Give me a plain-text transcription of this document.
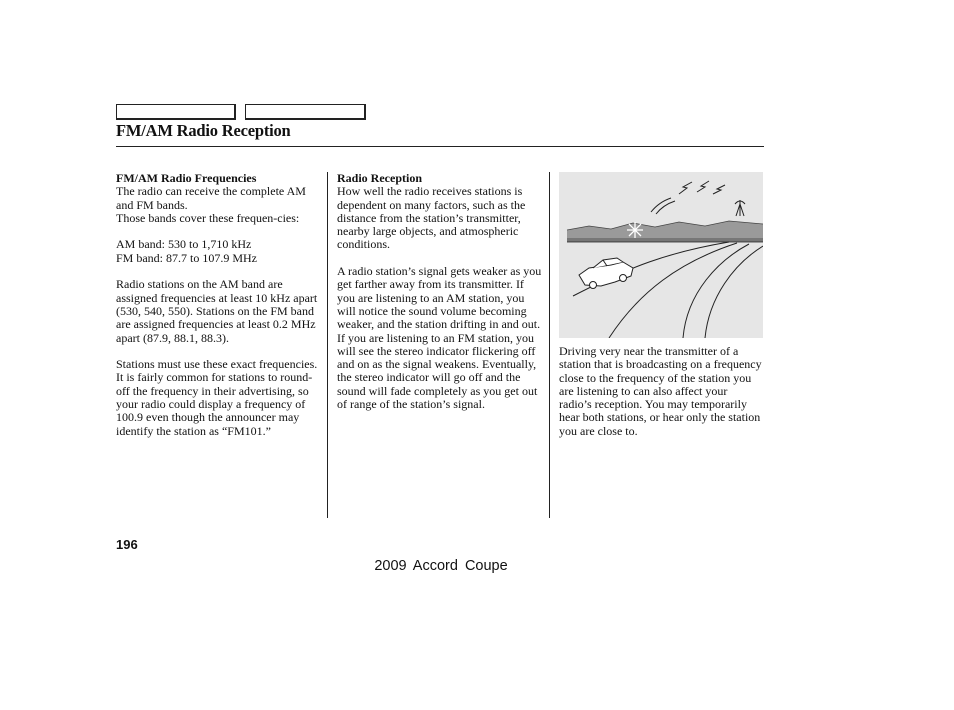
FM/AM Radio Reception

FM/AM Radio Frequencies

The radio can receive the complete AM and FM bands.

Those bands cover these frequen-cies:

AM band: 530 to 1,710 kHz

FM band: 87.7 to 107.9 MHz

Radio stations on the AM band are assigned frequencies at least 10 kHz apart (530, 540, 550). Stations on the FM band are assigned frequencies at least 0.2 MHz apart (87.9, 88.1, 88.3).

Stations must use these exact frequencies. It is fairly common for stations to round-off the frequency in their advertising, so your radio could display a frequency of 100.9 even though the announcer may identify the station as “FM101.”

Radio Reception

How well the radio receives stations is dependent on many factors, such as the distance from the station’s transmitter, nearby large objects, and atmospheric conditions.

A radio station’s signal gets weaker as you get farther away from its transmitter. If you are listening to an AM station, you will notice the sound volume becoming weaker, and the station drifting in and out. If you are listening to an FM station, you will see the stereo indicator flickering off and on as the signal weakens. Eventually, the stereo indicator will go off and the sound will fade completely as you get out of range of the station’s signal.

Driving very near the transmitter of a station that is broadcasting on a frequency close to the frequency of the station you are listening to can also affect your radio’s reception. You may temporarily hear both stations, or hear only the station you are close to.

196
2009 Accord Coupe
